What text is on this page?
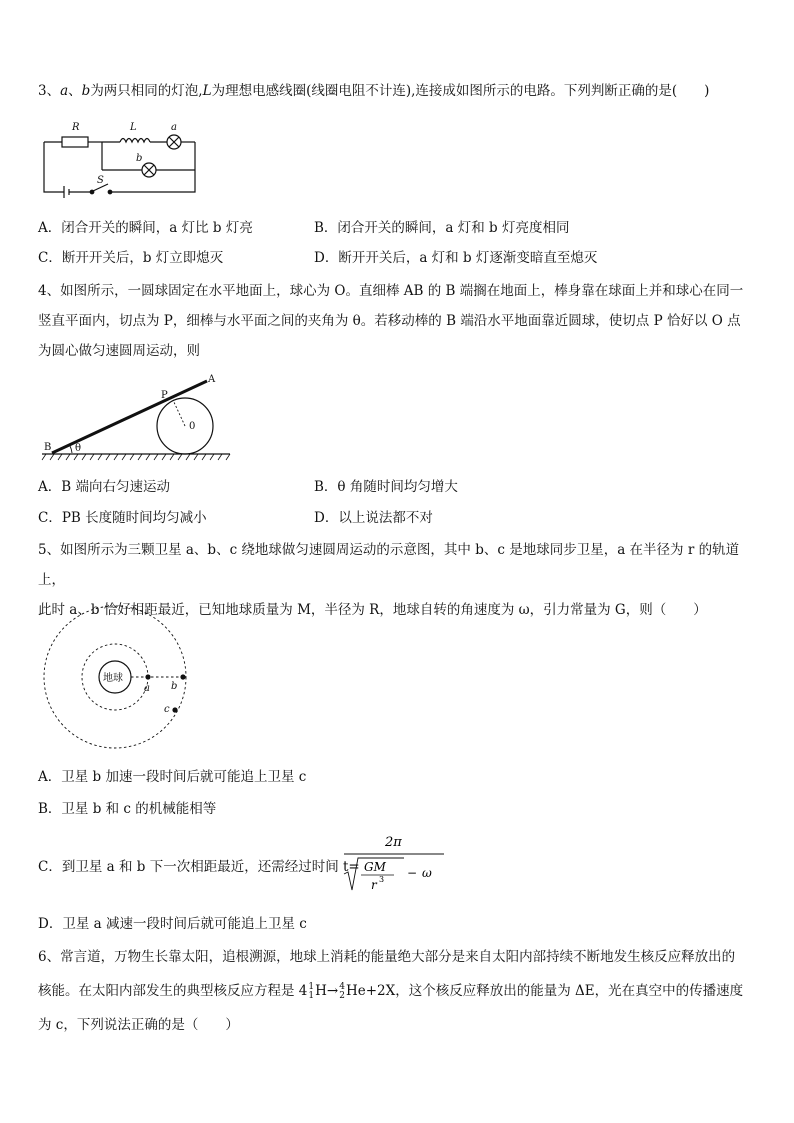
3、a、b为两只相同的灯泡,L为理想电感线圈(线圈电阻不计连),连接成如图所示的电路。下列判断正确的是(　　)

R	L	a
b
S
A．闭合开关的瞬间，a 灯比 b 灯亮	B．闭合开关的瞬间，a 灯和 b 灯亮度相同
C．断开开关后，b 灯立即熄灭	D．断开开关后，a 灯和 b 灯逐渐变暗直至熄灭

4、如图所示，一圆球固定在水平地面上，球心为 O。直细棒 AB 的 B 端搁在地面上，棒身靠在球面上并和球心在同一
竖直平面内，切点为 P，细棒与水平面之间的夹角为 θ。若移动棒的 B 端沿水平地面靠近圆球，使切点 P 恰好以 O 点
为圆心做匀速圆周运动，则

A
B
P
0
θ
A．B 端向右匀速运动	B．θ 角随时间均匀增大
C．PB 长度随时间均匀减小	D．以上说法都不对

5、如图所示为三颗卫星 a、b、c 绕地球做匀速圆周运动的示意图，其中 b、c 是地球同步卫星，a 在半径为 r 的轨道上，
此时 a、b 恰好相距最近，已知地球质量为 M，半径为 R，地球自转的角速度为 ω，引力常量为 G，则（　　）

地球
a b
c
A．卫星 b 加速一段时间后就可能追上卫星 c
B．卫星 b 和 c 的机械能相等
C．到卫星 a 和 b 下一次相距最近，还需经过时间 t=
D．卫星 a 减速一段时间后就可能追上卫星 c
2π
GM
r 3 − ω

6、常言道，万物生长靠太阳，追根溯源，地球上消耗的能量绝大部分是来自太阳内部持续不断地发生核反应释放出的
核能。在太阳内部发生的典型核反应方程是 41
1H→4
2He+2X，这个核反应释放出的能量为 ΔE，光在真空中的传播速度
为 c，下列说法正确的是（　　）
